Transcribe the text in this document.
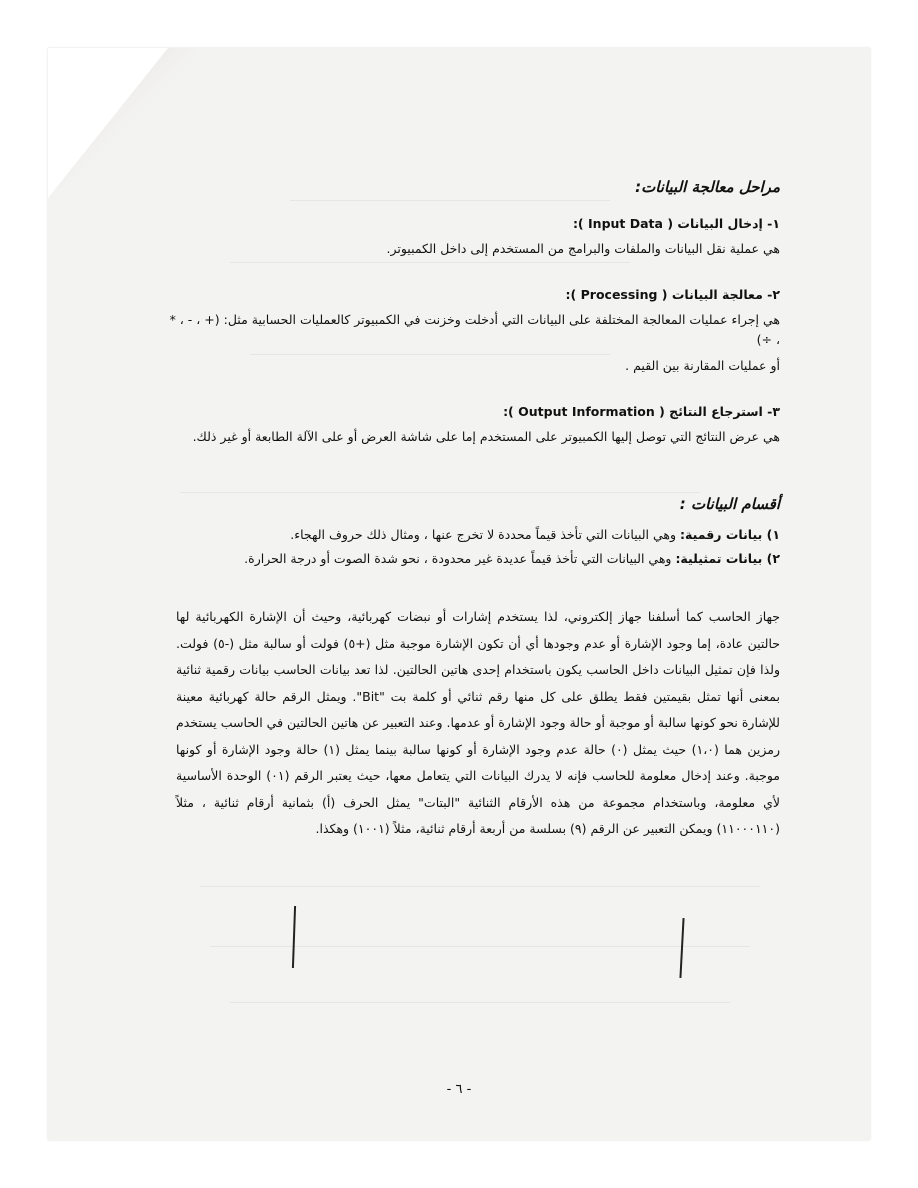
مراحل معالجة البيانات:
١- إدخال البيانات ( Input Data ):
هي عملية نقل البيانات والملفات والبرامج من المستخدم إلى داخل الكمبيوتر.
٢- معالجة البيانات ( Processing ):
هي إجراء عمليات المعالجة المختلفة على البيانات التي أدخلت وخزنت في الكمبيوتر كالعمليات الحسابية مثل: (+ ، - ، * ، ÷)
أو عمليات المقارنة بين القيم .
٣- استرجاع النتائج ( Output Information ):
هي عرض النتائج التي توصل إليها الكمبيوتر على المستخدم إما على شاشة العرض أو على الآلة الطابعة أو غير ذلك.
أقسام البيانات :
١) بيانات رقمية: وهي البيانات التي تأخذ قيماً محددة لا تخرج عنها ، ومثال ذلك حروف الهجاء.
٢) بيانات تمثيلية: وهي البيانات التي تأخذ قيماً عديدة غير محدودة ، نحو شدة الصوت أو درجة الحرارة.
جهاز الحاسب كما أسلفنا جهاز إلكتروني، لذا يستخدم إشارات أو نبضات كهربائية، وحيث أن الإشارة الكهربائية لها حالتين عادة، إما وجود الإشارة أو عدم وجودها أي أن تكون الإشارة موجبة مثل (+٥) فولت أو سالبة مثل (-٥) فولت. ولذا فإن تمثيل البيانات داخل الحاسب يكون باستخدام إحدى هاتين الحالتين. لذا تعد بيانات الحاسب بيانات رقمية ثنائية بمعنى أنها تمثل بقيمتين فقط يطلق على كل منها رقم ثنائي أو كلمة بت "Bit". ويمثل الرقم حالة كهربائية معينة للإشارة نحو كونها سالبة أو موجبة أو حالة وجود الإشارة أو عدمها. وعند التعبير عن هاتين الحالتين في الحاسب يستخدم رمزين هما (١،٠) حيث يمثل (٠) حالة عدم وجود الإشارة أو كونها سالبة بينما يمثل (١) حالة وجود الإشارة أو كونها موجبة. وعند إدخال معلومة للحاسب فإنه لا يدرك البيانات التي يتعامل معها، حيث يعتبر الرقم (٠١) الوحدة الأساسية لأي معلومة، وباستخدام مجموعة من هذه الأرقام الثنائية "البتات" يمثل الحرف (أ) بثمانية أرقام ثنائية ، مثلاً (١١٠٠٠١١٠) ويمكن التعبير عن الرقم (٩) بسلسة من أربعة أرقام ثنائية، مثلاً (١٠٠١) وهكذا.
- ٦ -
